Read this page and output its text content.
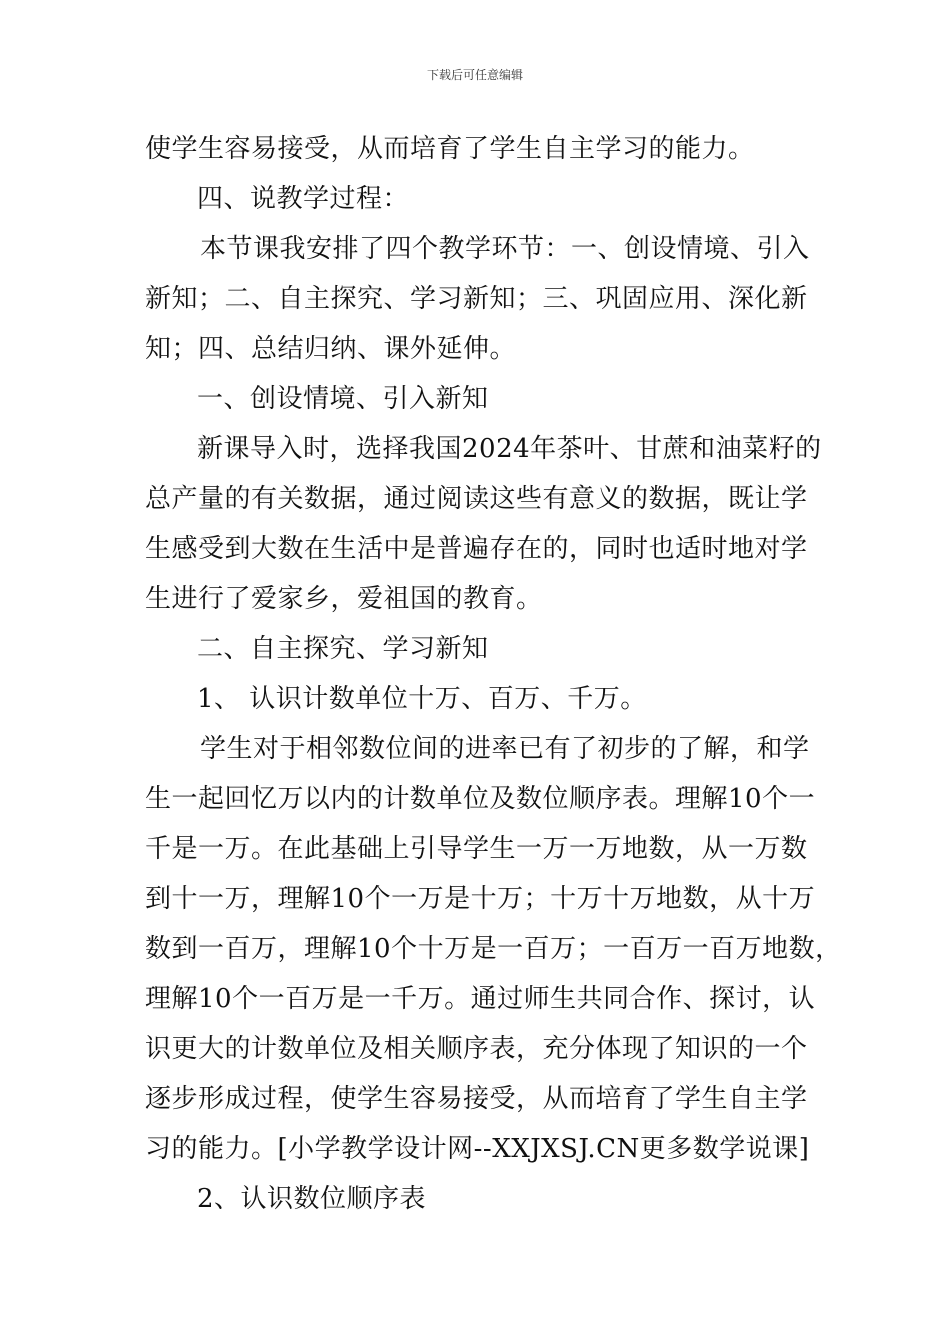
下载后可任意编辑
使学生容易接受，从而培育了学生自主学习的能力。
四、说教学过程：
本节课我安排了四个教学环节：一、创设情境、引入
新知；二、自主探究、学习新知；三、巩固应用、深化新
知；四、总结归纳、课外延伸。
一、创设情境、引入新知
新课导入时，选择我国2024年茶叶、甘蔗和油菜籽的
总产量的有关数据，通过阅读这些有意义的数据，既让学
生感受到大数在生活中是普遍存在的，同时也适时地对学
生进行了爱家乡，爱祖国的教育。
二、自主探究、学习新知
1、 认识计数单位十万、百万、千万。
学生对于相邻数位间的进率已有了初步的了解，和学
生一起回忆万以内的计数单位及数位顺序表。理解10个一
千是一万。在此基础上引导学生一万一万地数，从一万数
到十一万，理解10个一万是十万；十万十万地数，从十万
数到一百万，理解10个十万是一百万；一百万一百万地数，
理解10个一百万是一千万。通过师生共同合作、探讨，认
识更大的计数单位及相关顺序表，充分体现了知识的一个
逐步形成过程，使学生容易接受，从而培育了学生自主学
习的能力。[小学教学设计网--XXJXSJ.CN更多数学说课]
2、认识数位顺序表
